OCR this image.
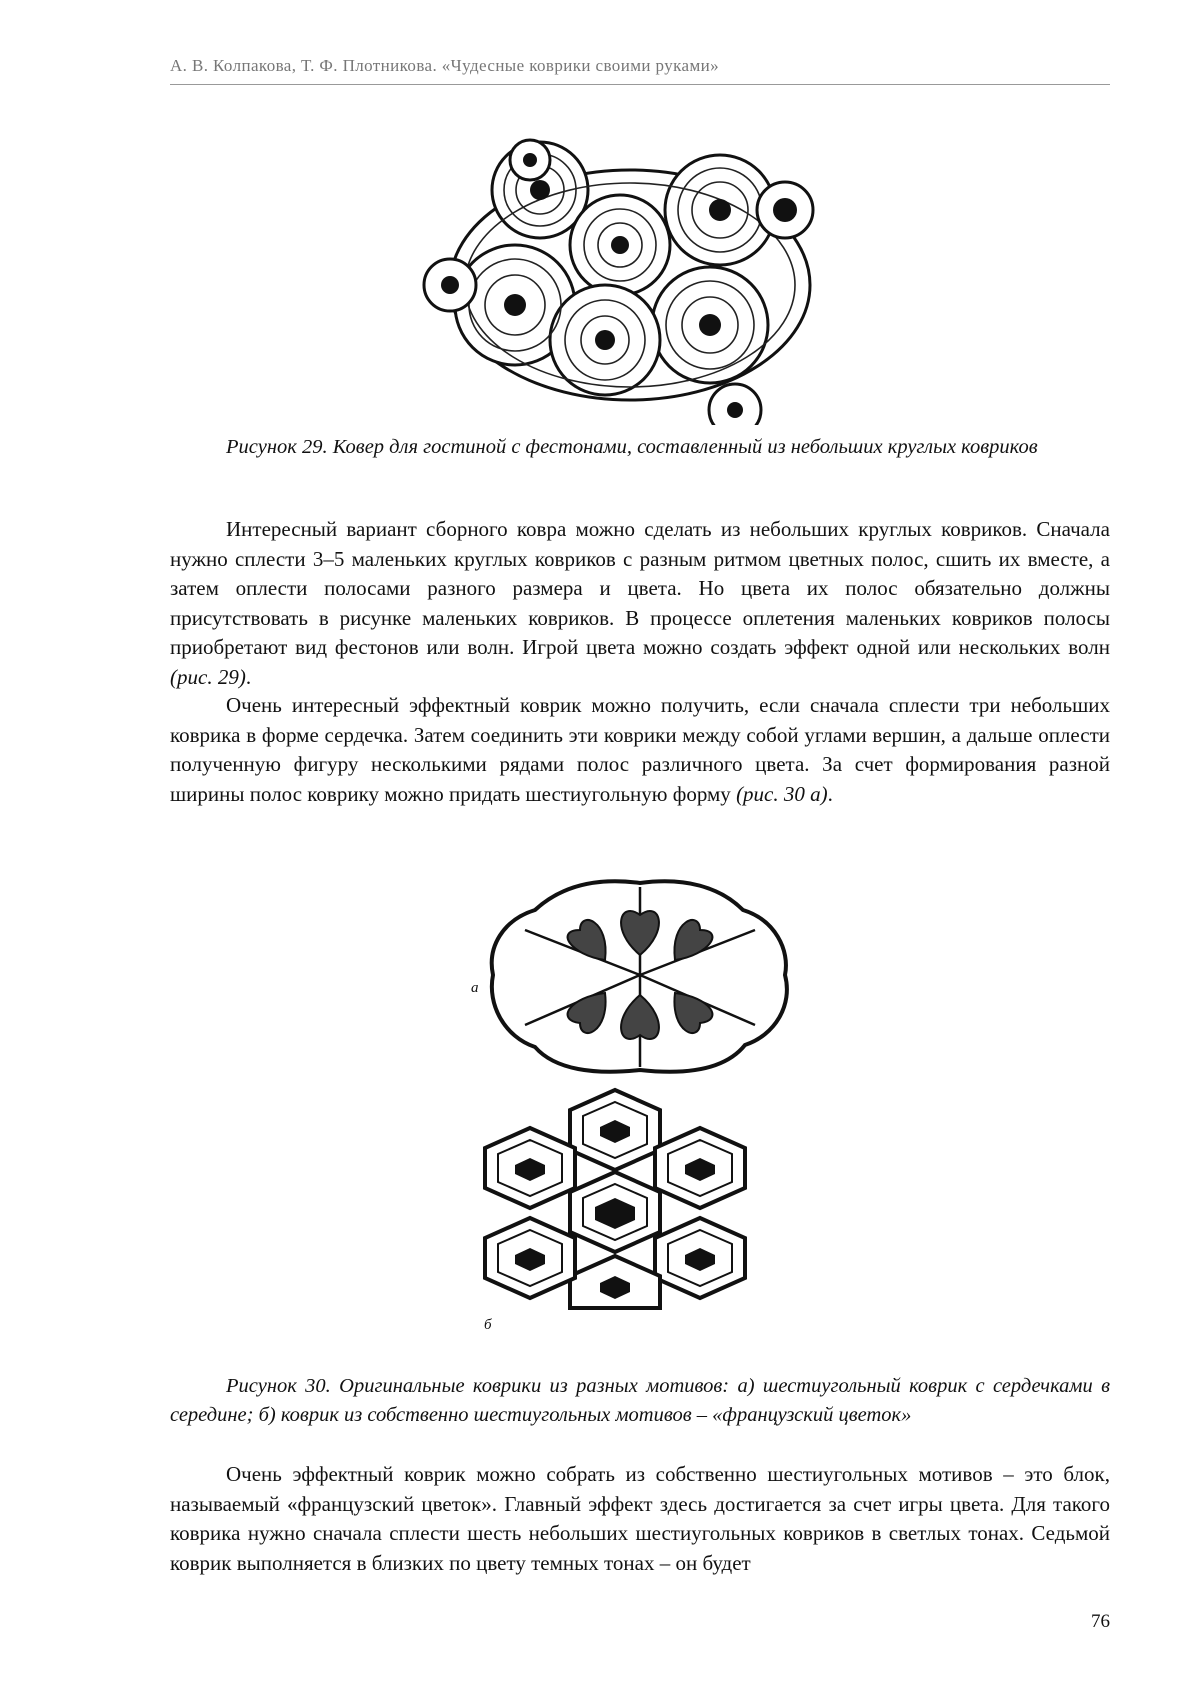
А. В. Колпакова, Т. Ф. Плотникова. «Чудесные коврики своими руками»
Рисунок 29. Ковер для гостиной с фестонами, составленный из небольших круглых ковриков

Интересный вариант сборного ковра можно сделать из небольших круглых ковриков. Сначала нужно сплести 3–5 маленьких круглых ковриков с разным ритмом цветных полос, сшить их вместе, а затем оплести полосами разного размера и цвета. Но цвета их полос обязательно должны присутствовать в рисунке маленьких ковриков. В процессе оплетения маленьких ковриков полосы приобретают вид фестонов или волн. Игрой цвета можно создать эффект одной или нескольких волн (рис. 29).

Очень интересный эффектный коврик можно получить, если сначала сплести три небольших коврика в форме сердечка. Затем соединить эти коврики между собой углами вершин, а дальше оплести полученную фигуру несколькими рядами полос различного цвета. За счет формирования разной ширины полос коврику можно придать шестиугольную форму (рис. 30 а).

а
б
Рисунок 30. Оригинальные коврики из разных мотивов: а) шестиугольный коврик с сердечками в середине; б) коврик из собственно шестиугольных мотивов – «французский цветок»

Очень эффектный коврик можно собрать из собственно шестиугольных мотивов – это блок, называемый «французский цветок». Главный эффект здесь достигается за счет игры цвета. Для такого коврика нужно сначала сплести шесть небольших шестиугольных ковриков в светлых тонах. Седьмой коврик выполняется в близких по цвету темных тонах – он будет

76
